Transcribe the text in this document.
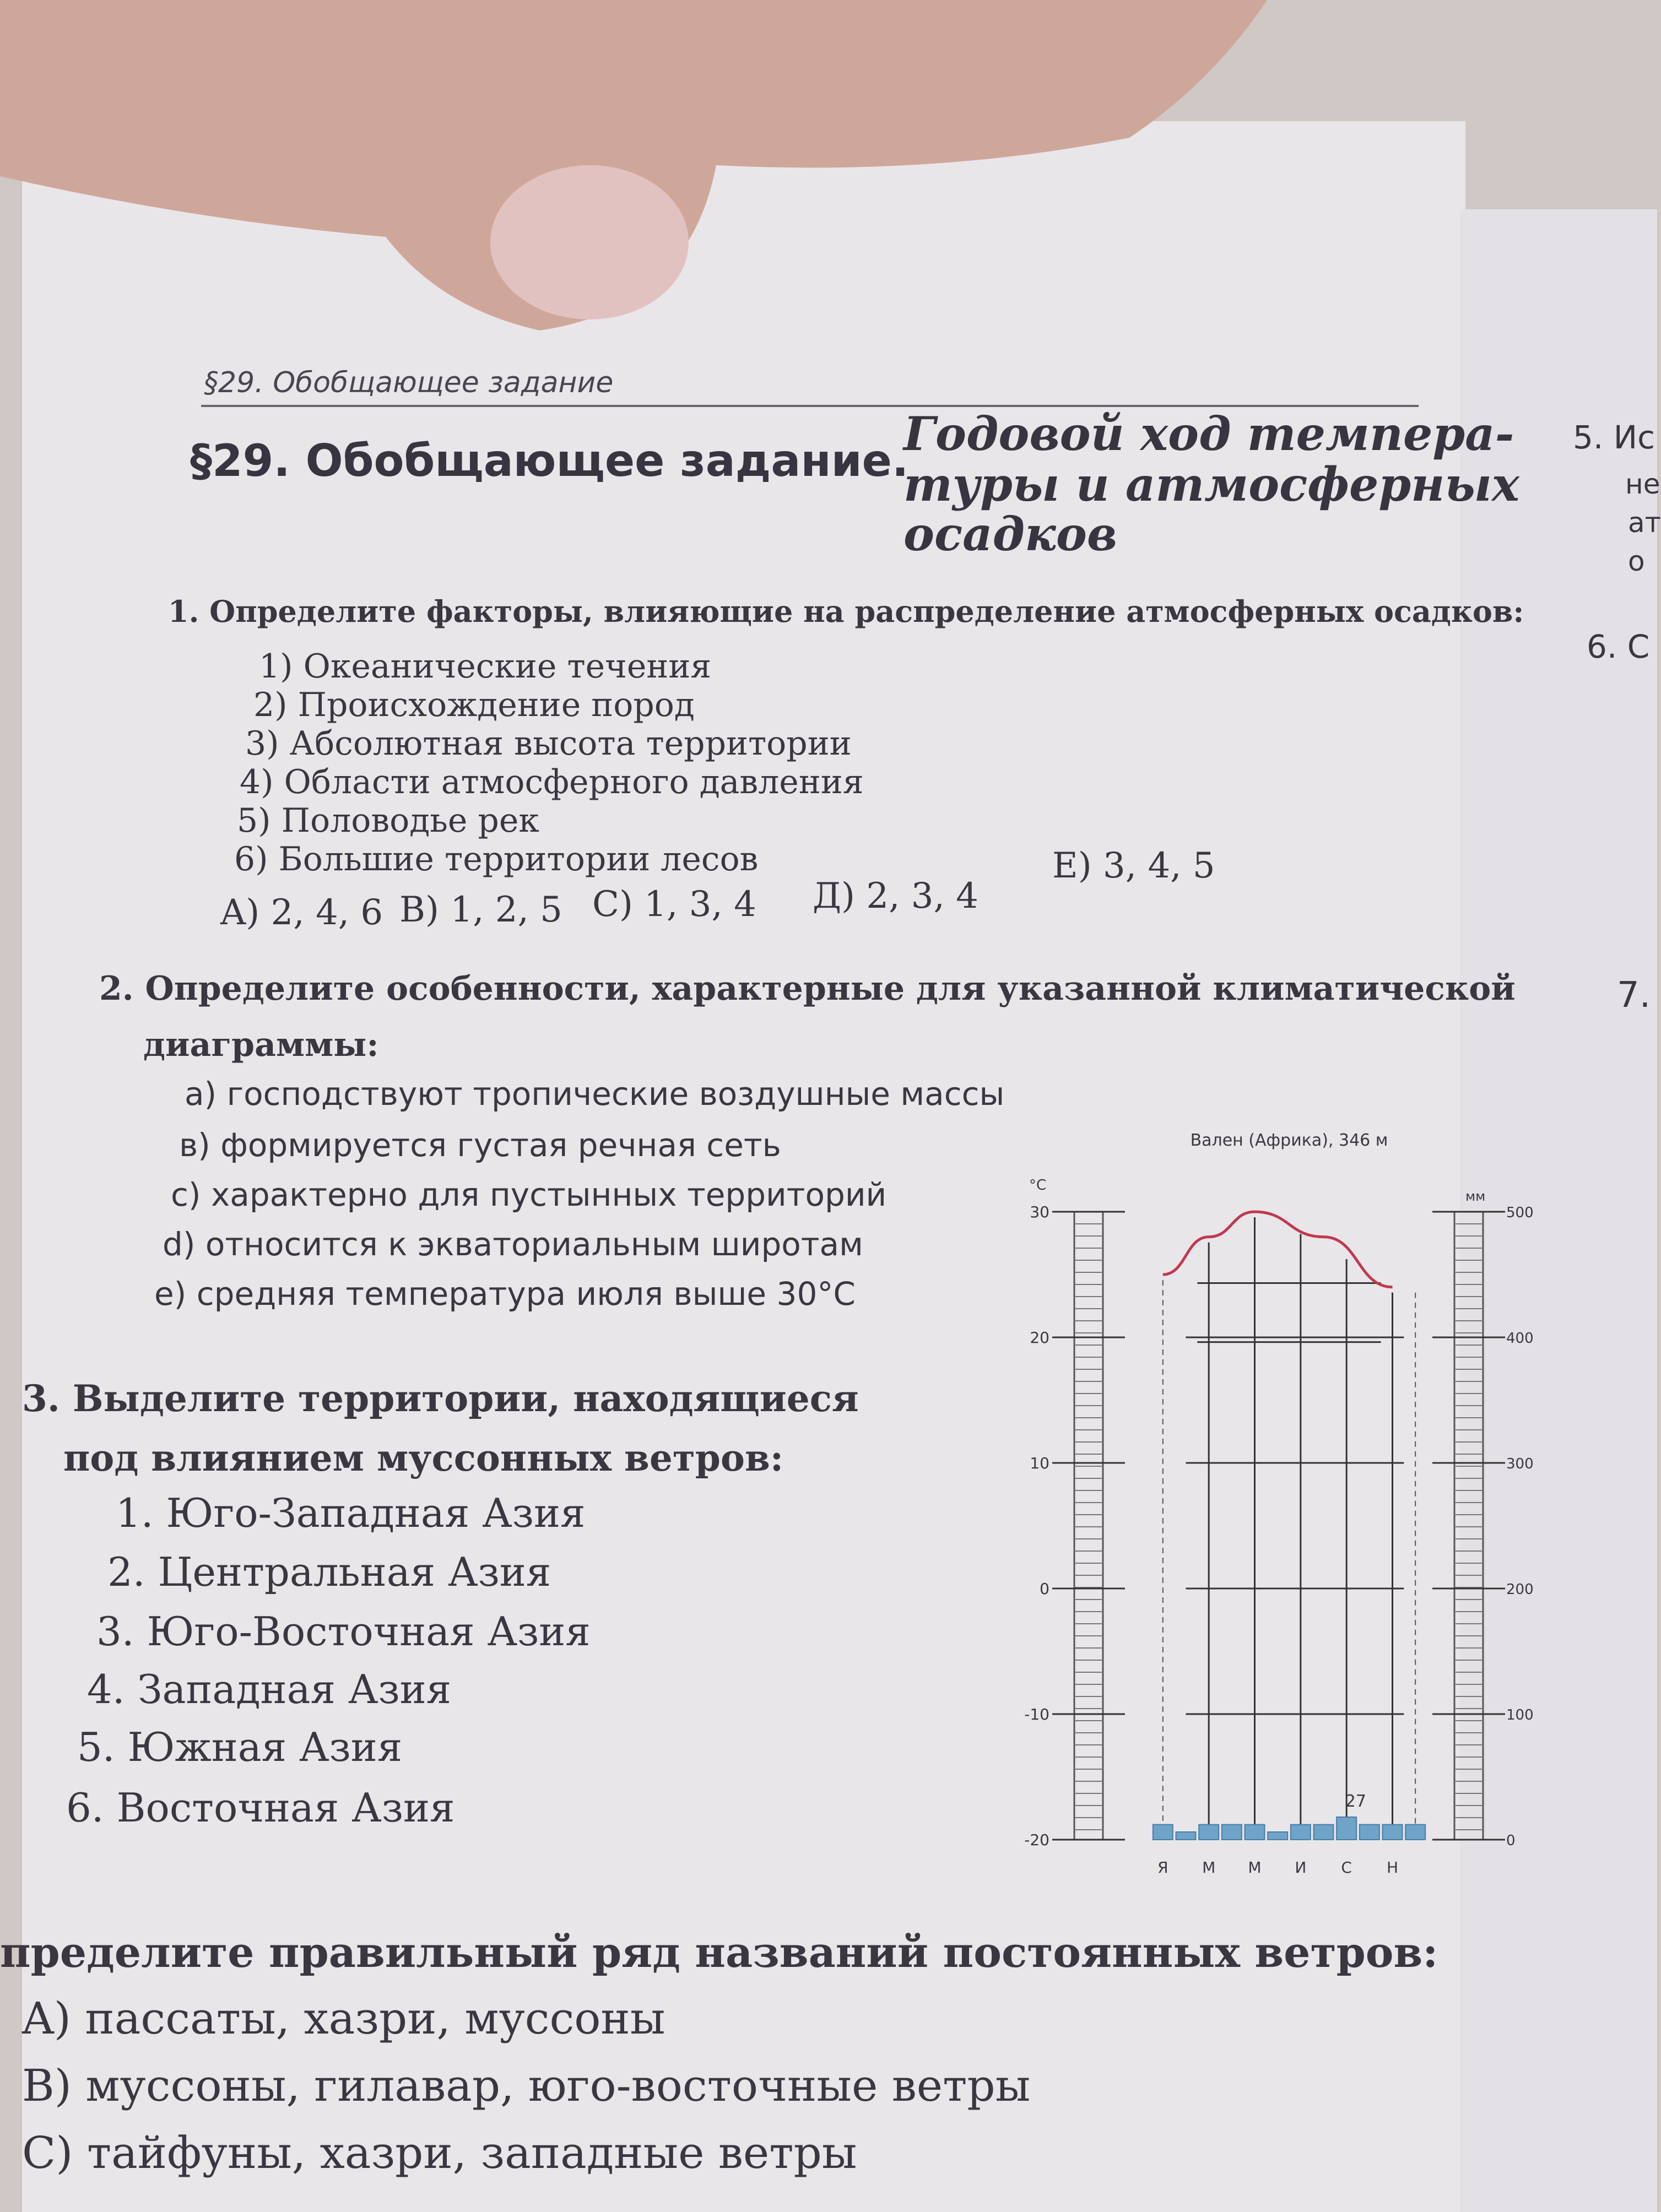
§29. Обобщающее задание
§29. Обобщающее задание.
Годовой ход темпера-
туры и атмосферных
осадков
1. Определите факторы, влияющие на распределение атмосферных осадков:
1) Океанические течения
2) Происхождение пород
3) Абсолютная высота территории
4) Области атмосферного давления
5) Половодье рек
6) Большие территории лесов
A) 2, 4, 6 B) 1, 2, 5 C) 1, 3, 4 Д) 2, 3, 4
E) 3, 4, 5
2. Определите особенности, характерные для указанной климатической
диаграммы:
a) господствуют тропические воздушные массы
в) формируется густая речная сеть
c) характерно для пустынных территорий
d) относится к экваториальным широтам
e) средняя температура июля выше 30°C
3. Выделите территории, находящиеся
под влиянием муссонных ветров:
1. Юго-Западная Азия
2. Центральная Азия
3. Юго-Восточная Азия
4. Западная Азия
5. Южная Азия
6. Восточная Азия
пределите правильный ряд названий постоянных ветров:
A) пассаты, хазри, муссоны
B) муссоны, гилавар, юго-восточные ветры
C) тайфуны, хазри, западные ветры
5. Ис
не
ат
о
6. С
7.
Вален (Африка), 346 м
°C
мм
30
20
10
0
-10
-20
500
400
300
200
100
0
27
Я М М И С Н
